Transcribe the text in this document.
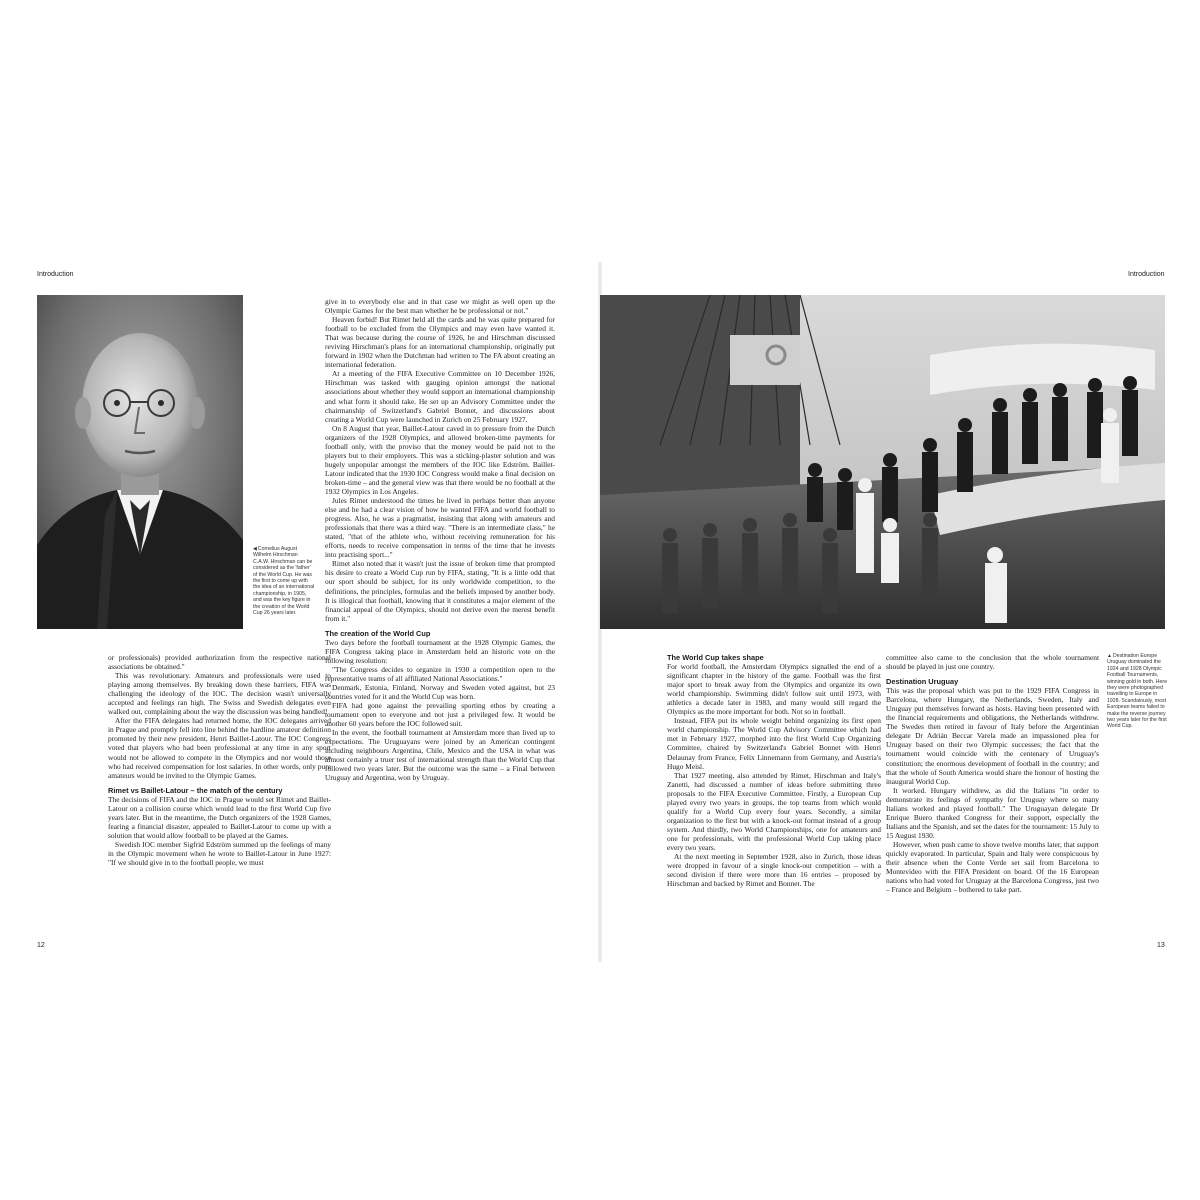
Introduction
◀Cornelius August Wilhelm Hirschman C.A.W. Hirschman can be considered as the 'father' of the World Cup. He was the first to come up with the idea of an international championship, in 1905, and was the key figure in the creation of the World Cup 26 years later.

or professionals) provided authorization from the respective national associations be obtained."

This was revolutionary. Amateurs and professionals were used to playing among themselves. By breaking down these barriers, FIFA was challenging the ideology of the IOC. The decision wasn't universally accepted and feelings ran high. The Swiss and Swedish delegates even walked out, complaining about the way the discussion was being handled!

After the FIFA delegates had returned home, the IOC delegates arrived in Prague and promptly fell into line behind the hardline amateur definition promoted by their new president, Henri Baillet-Latour. The IOC Congress voted that players who had been professional at any time in any sport would not be allowed to compete in the Olympics and nor would those who had received compensation for lost salaries. In other words, only pure amateurs would be invited to the Olympic Games.

Rimet vs Baillet-Latour – the match of the century

The decisions of FIFA and the IOC in Prague would set Rimet and Baillet-Latour on a collision course which would lead to the first World Cup five years later. But in the meantime, the Dutch organizers of the 1928 Games, fearing a financial disaster, appealed to Baillet-Latour to come up with a solution that would allow football to be played at the Games.

Swedish IOC member Sigfrid Edström summed up the feelings of many in the Olympic movement when he wrote to Baillet-Latour in June 1927: "If we should give in to the football people, we must

give in to everybody else and in that case we might as well open up the Olympic Games for the best man whether he be professional or not."

Heaven forbid! But Rimet held all the cards and he was quite prepared for football to be excluded from the Olympics and may even have wanted it. That was because during the course of 1926, he and Hirschman discussed reviving Hirschman's plans for an international championship, originally put forward in 1902 when the Dutchman had written to The FA about creating an international federation.

At a meeting of the FIFA Executive Committee on 10 December 1926, Hirschman was tasked with gauging opinion amongst the national associations about whether they would support an international championship and what form it should take. He set up an Advisory Committee under the chairmanship of Switzerland's Gabriel Bonnet, and discussions about creating a World Cup were launched in Zurich on 25 February 1927.

On 8 August that year, Baillet-Latour caved in to pressure from the Dutch organizers of the 1928 Olympics, and allowed broken-time payments for football only, with the proviso that the money would be paid not to the players but to their employers. This was a sticking-plaster solution and was hugely unpopular amongst the members of the IOC like Edström. Baillet-Latour indicated that the 1930 IOC Congress would make a final decision on broken-time – and the general view was that there would be no football at the 1932 Olympics in Los Angeles.

Jules Rimet understood the times he lived in perhaps better than anyone else and he had a clear vision of how he wanted FIFA and world football to progress. Also, he was a pragmatist, insisting that along with amateurs and professionals that there was a third way. "There is an intermediate class," he stated, "that of the athlete who, without receiving remuneration for his efforts, needs to receive compensation in terms of the time that he invests into practising sport..."

Rimet also noted that it wasn't just the issue of broken time that prompted his desire to create a World Cup run by FIFA, stating, "It is a little odd that our sport should be subject, for its only worldwide competition, to the definitions, the principles, formulas and the beliefs imposed by another body. It is illogical that football, knowing that it constitutes a major element of the financial appeal of the Olympics, should not derive even the merest benefit from it."

The creation of the World Cup

Two days before the football tournament at the 1928 Olympic Games, the FIFA Congress taking place in Amsterdam held an historic vote on the following resolution:

"The Congress decides to organize in 1930 a competition open to the representative teams of all affiliated National Associations."

Denmark, Estonia, Finland, Norway and Sweden voted against, but 23 countries voted for it and the World Cup was born.

FIFA had gone against the prevailing sporting ethos by creating a tournament open to everyone and not just a privileged few. It would be another 60 years before the IOC followed suit.

In the event, the football tournament at Amsterdam more than lived up to expectations. The Uruguayans were joined by an American contingent including neighbours Argentina, Chile, Mexico and the USA in what was almost certainly a truer test of international strength than the World Cup that followed two years later. But the outcome was the same – a Final between Uruguay and Argentina, won by Uruguay.

12
Introduction
▲Destination Europe Uruguay dominated the 1924 and 1928 Olympic Football Tournaments, winning gold in both. Here they were photographed travelling to Europe in 1928. Scandalously, most European teams failed to make the reverse journey two years later for the first World Cup.
The World Cup takes shape

For world football, the Amsterdam Olympics signalled the end of a significant chapter in the history of the game. Football was the first major sport to break away from the Olympics and organize its own world championship. Swimming didn't follow suit until 1973, with athletics a decade later in 1983, and many would still regard the Olympics as the more important for both. Not so in football.

Instead, FIFA put its whole weight behind organizing its first open world championship. The World Cup Advisory Committee which had met in February 1927, morphed into the first World Cup Organizing Committee, chaired by Switzerland's Gabriel Bonnet with Henri Delaunay from France, Felix Linnemann from Germany, and Austria's Hugo Meisl.

That 1927 meeting, also attended by Rimet, Hirschman and Italy's Zanetti, had discussed a number of ideas before submitting three proposals to the FIFA Executive Committee. Firstly, a European Cup played every two years in groups, the top teams from which would qualify for a World Cup every four years. Secondly, a similar organization to the first but with a knock-out format instead of a group system. And thirdly, two World Championships, one for amateurs and one for professionals, with the professional World Cup taking place every two years.

At the next meeting in September 1928, also in Zurich, those ideas were dropped in favour of a single knock-out competition – with a second division if there were more than 16 entries – proposed by Hirschman and backed by Rimet and Bonnet. The

committee also came to the conclusion that the whole tournament should be played in just one country.

Destination Uruguay

This was the proposal which was put to the 1929 FIFA Congress in Barcelona, where Hungary, the Netherlands, Sweden, Italy and Uruguay put themselves forward as hosts. Having been presented with the financial requirements and obligations, the Netherlands withdrew. The Swedes then retired in favour of Italy before the Argentinian delegate Dr Adrián Beccar Varela made an impassioned plea for Uruguay based on their two Olympic successes; the fact that the tournament would coincide with the centenary of Uruguay's constitution; the enormous development of football in the country; and that the whole of South America would share the honour of hosting the inaugural World Cup.

It worked. Hungary withdrew, as did the Italians "in order to demonstrate its feelings of sympathy for Uruguay where so many Italians worked and played football." The Uruguayan delegate Dr Enrique Buero thanked Congress for their support, especially the Italians and the Spanish, and set the dates for the tournament: 15 July to 15 August 1930.

However, when push came to shove twelve months later, that support quickly evaporated. In particular, Spain and Italy were conspicuous by their absence when the Conte Verde set sail from Barcelona to Montevideo with the FIFA President on board. Of the 16 European nations who had voted for Uruguay at the Barcelona Congress, just two – France and Belgium – bothered to take part.

13
